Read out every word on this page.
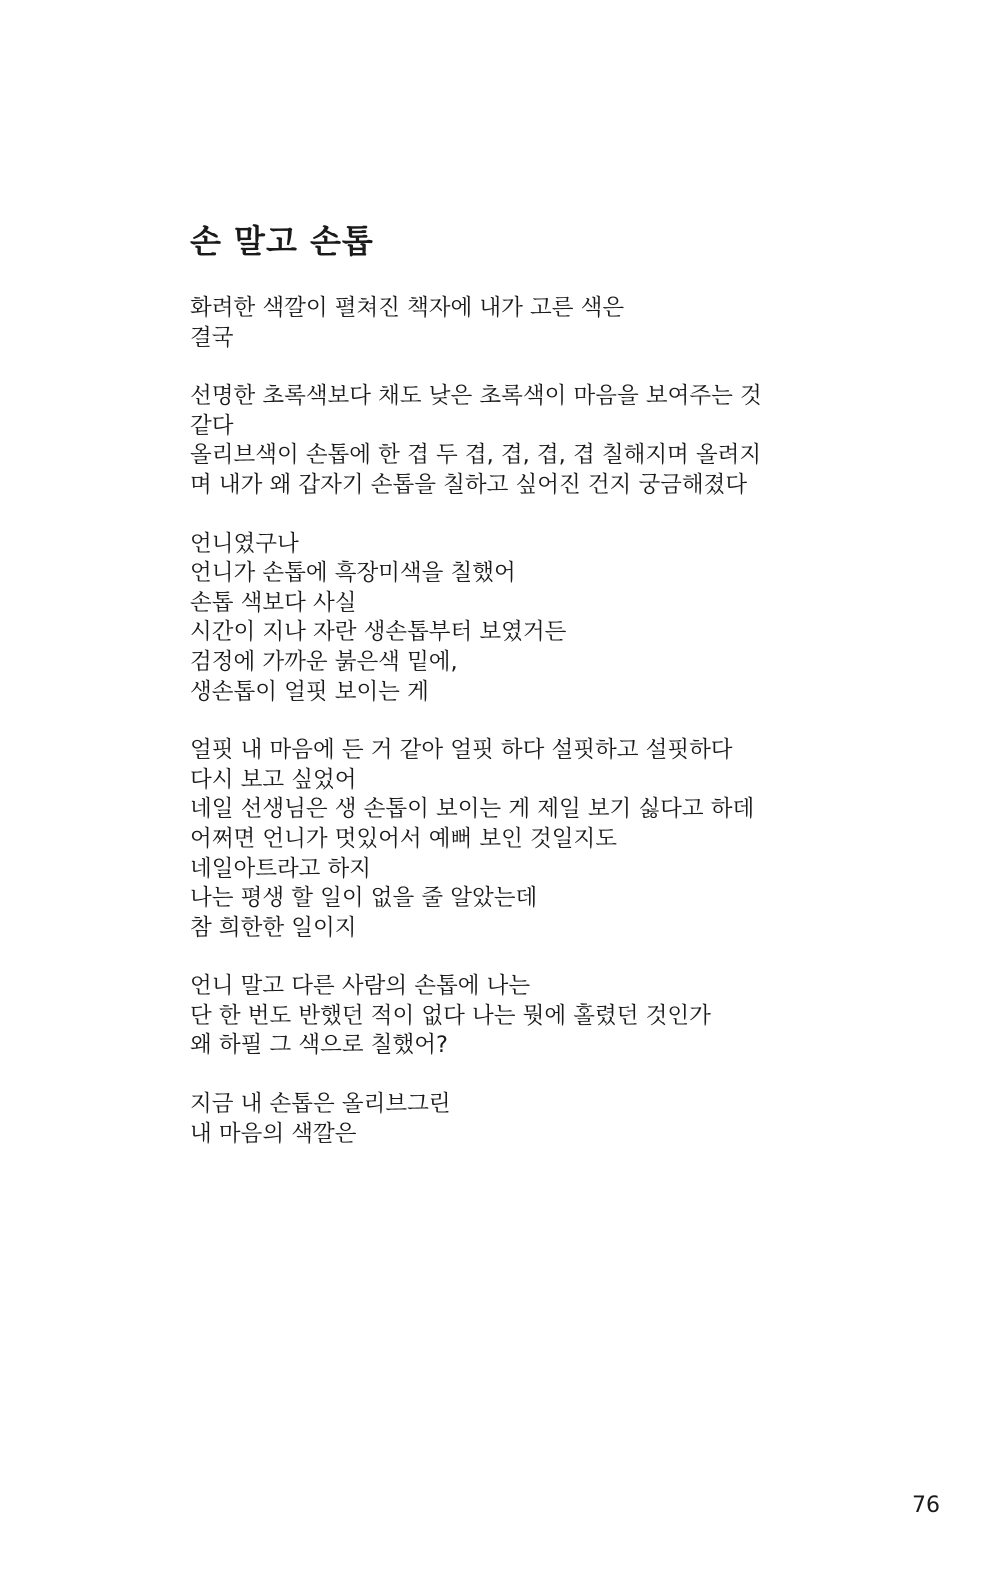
손 말고 손톱
화려한 색깔이 펼쳐진 책자에 내가 고른 색은
결국
선명한 초록색보다 채도 낮은 초록색이 마음을 보여주는 것
같다
올리브색이 손톱에 한 겹 두 겹, 겹, 겹, 겹 칠해지며 올려지
며 내가 왜 갑자기 손톱을 칠하고 싶어진 건지 궁금해졌다
언니였구나
언니가 손톱에 흑장미색을 칠했어
손톱 색보다 사실
시간이 지나 자란 생손톱부터 보였거든
검정에 가까운 붉은색 밑에,
생손톱이 얼핏 보이는 게
얼핏 내 마음에 든 거 같아 얼핏 하다 설핏하고 설핏하다
다시 보고 싶었어
네일 선생님은 생 손톱이 보이는 게 제일 보기 싫다고 하데
어쩌면 언니가 멋있어서 예뻐 보인 것일지도
네일아트라고 하지
나는 평생 할 일이 없을 줄 알았는데
참 희한한 일이지
언니 말고 다른 사람의 손톱에 나는
단 한 번도 반했던 적이 없다 나는 뭣에 홀렸던 것인가
왜 하필 그 색으로 칠했어?
지금 내 손톱은 올리브그린
내 마음의 색깔은
76
